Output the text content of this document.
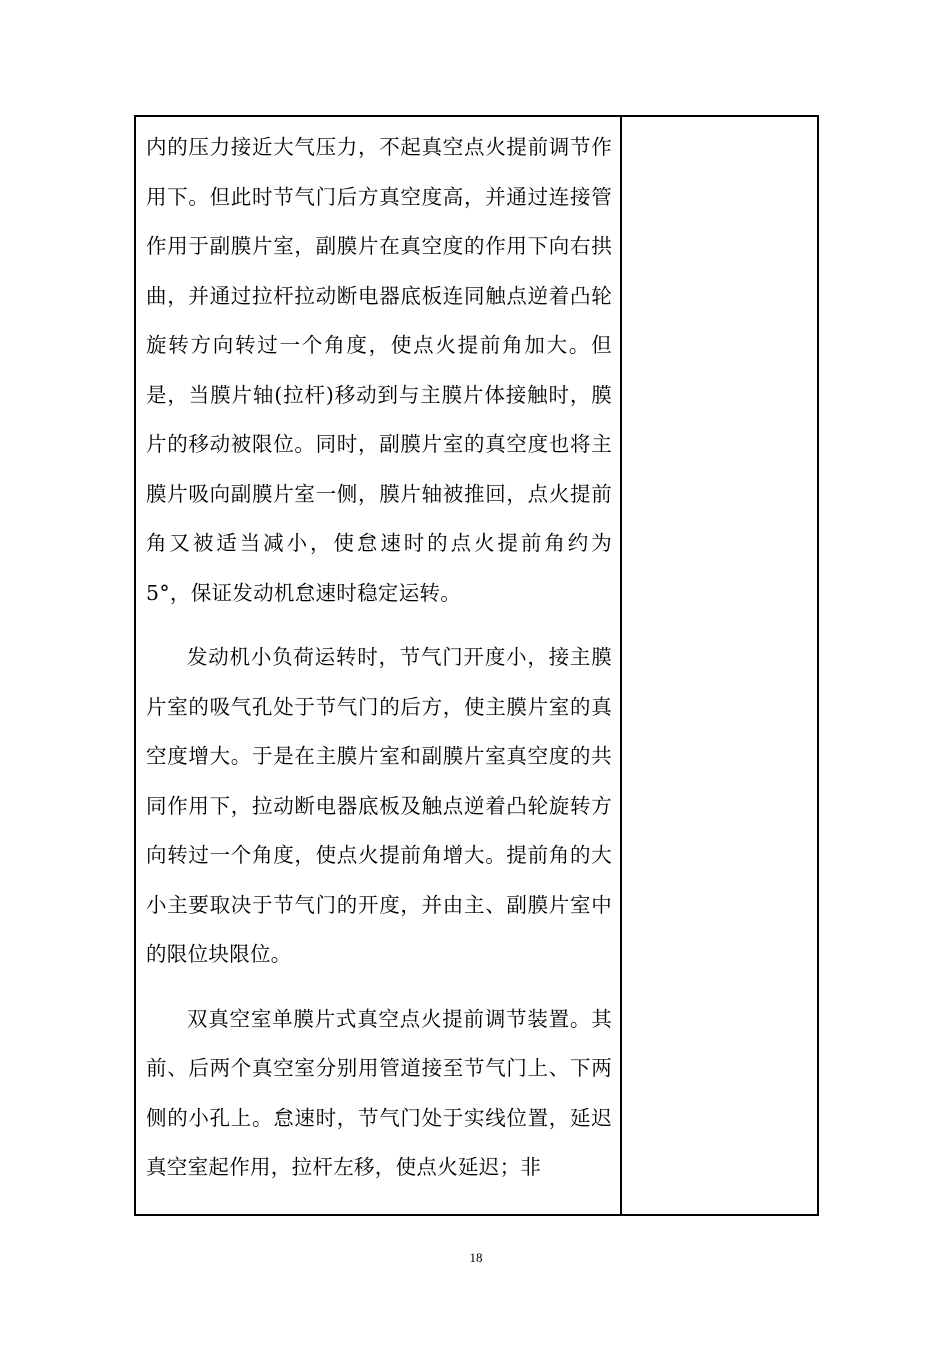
内的压力接近大气压力，不起真空点火提前调节作用下。但此时节气门后方真空度高，并通过连接管作用于副膜片室，副膜片在真空度的作用下向右拱曲，并通过拉杆拉动断电器底板连同触点逆着凸轮旋转方向转过一个角度，使点火提前角加大。但是，当膜片轴(拉杆)移动到与主膜片体接触时，膜片的移动被限位。同时，副膜片室的真空度也将主膜片吸向副膜片室一侧，膜片轴被推回，点火提前角又被适当减小，使怠速时的点火提前角约为 5°，保证发动机怠速时稳定运转。

发动机小负荷运转时，节气门开度小，接主膜片室的吸气孔处于节气门的后方，使主膜片室的真空度增大。于是在主膜片室和副膜片室真空度的共同作用下，拉动断电器底板及触点逆着凸轮旋转方向转过一个角度，使点火提前角增大。提前角的大小主要取决于节气门的开度，并由主、副膜片室中的限位块限位。

双真空室单膜片式真空点火提前调节装置。其前、后两个真空室分别用管道接至节气门上、下两侧的小孔上。怠速时，节气门处于实线位置，延迟真空室起作用，拉杆左移，使点火延迟；非

18
